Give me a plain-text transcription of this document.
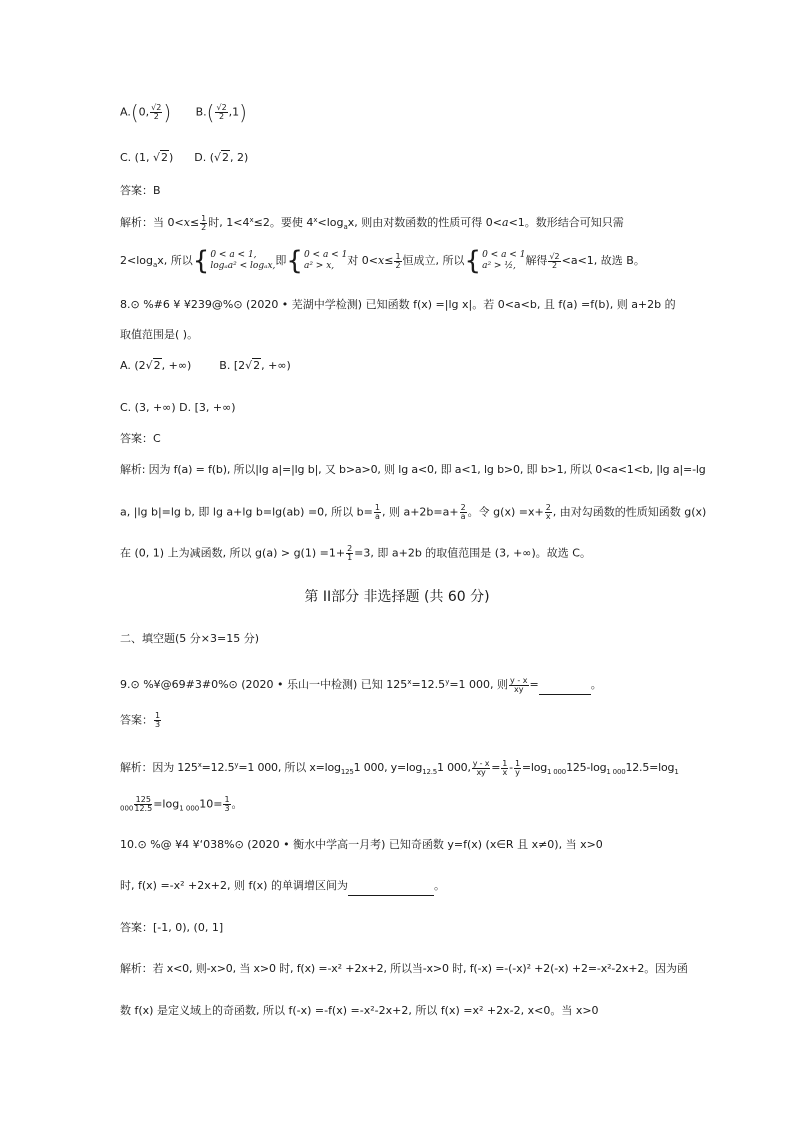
A.(0, $\frac{√2}{2}$ ) $B.( \frac{√2}{2} ,1)$
C. (1, √2) D. (√2, 2)
答案：B
解析：当 $0<x\le \frac{1}{2}$ 时, $1<4^x\le 2$。要使 $4^x<\log_ax$, 则由对数函数的性质可得 0<a<1。数形结合可知只需
$2<\log_ax$, 所以 { 0 < a < 1,
logₐa² < logₐx, 即 { 0 < a < 1
a² > x,	对 $0<x\le \frac{1}{2}$ 恒成立, 所以 { 0 < a < 1
a² > ½, 解得 $\frac{√2}{2} <a<1$, 故选 B。
8.⊙ %#6 ¥ ¥239@%⊙ (2020 • 芜湖中学检测) 已知函数 f(x) =|lg x|。若 0<a<b, 且 f(a) =f(b), 则 a+2b 的
取值范围是( )。
A. (2√2, +∞)	B. [2√2, +∞)
C. (3, +∞) D. [3, +∞)
答案：C
解析: 因为 f(a) = f(b), 所以|lg a|=|lg b|, 又 b>a>0, 则 lg a<0, 即 a<1, lg b>0, 即 b>1, 所以 0<a<1<b, |lg a|=-lg
a, |lg b|=lg b, 即 lg a+lg b=lg(ab) =0, 所以 $b= \frac{1}{a}$ , 则 $a+2b=a+ \frac{2}{a}$ 。令 $g(x) =x+ \frac{2}{x}$ , 由对勾函数的性质知函数 g(x)
在 (0, 1) 上为减函数, 所以 $g(a) > g(1) =1+ \frac{2}{1} =3$, 即 a+2b 的取值范围是 (3, +∞)。故选 C。
第 II部分 非选择题 (共 60 分)
二、填空题(5 分×3=15 分)
9.⊙ %¥@69#3#0%⊙ (2020 • 乐山一中检测) 已知 $125^x=12.5^y=1$ 000, 则 $\frac{y - x}{xy}$ =	。
答案： $\frac{1}{3}$
解析：因为 $125^x=12.5^y=1$ 000, 所以 $x=\log_{125}1$ 000, $y=\log_{12.5}1$ 000, $\frac{y - x}{xy} = \frac{1}{x} - \frac{1}{y} =\log_{1 000}125-\log_{1 000}12.5=\log_1$
$_{000} \frac{125}{12.5} =\log_{1 000}10= \frac{1}{3}$ 。
10.⊙ %@ ¥4 ¥‘038%⊙ (2020 • 衡水中学高一月考) 已知奇函数 y=f(x) (x∈R 且 x≠0), 当 x>0
时, f(x) =-x² +2x+2, 则 f(x) 的单调增区间为	。
答案：[-1, 0), (0, 1]
解析：若 x<0, 则-x>0, 当 x>0 时, f(x) =-x² +2x+2, 所以当-x>0 时, f(-x) =-(-x)² +2(-x) +2=-x²-2x+2。因为函
数 f(x) 是定义域上的奇函数, 所以 f(-x) =-f(x) =-x²-2x+2, 所以 f(x) =x² +2x-2, x<0。当 x>0
